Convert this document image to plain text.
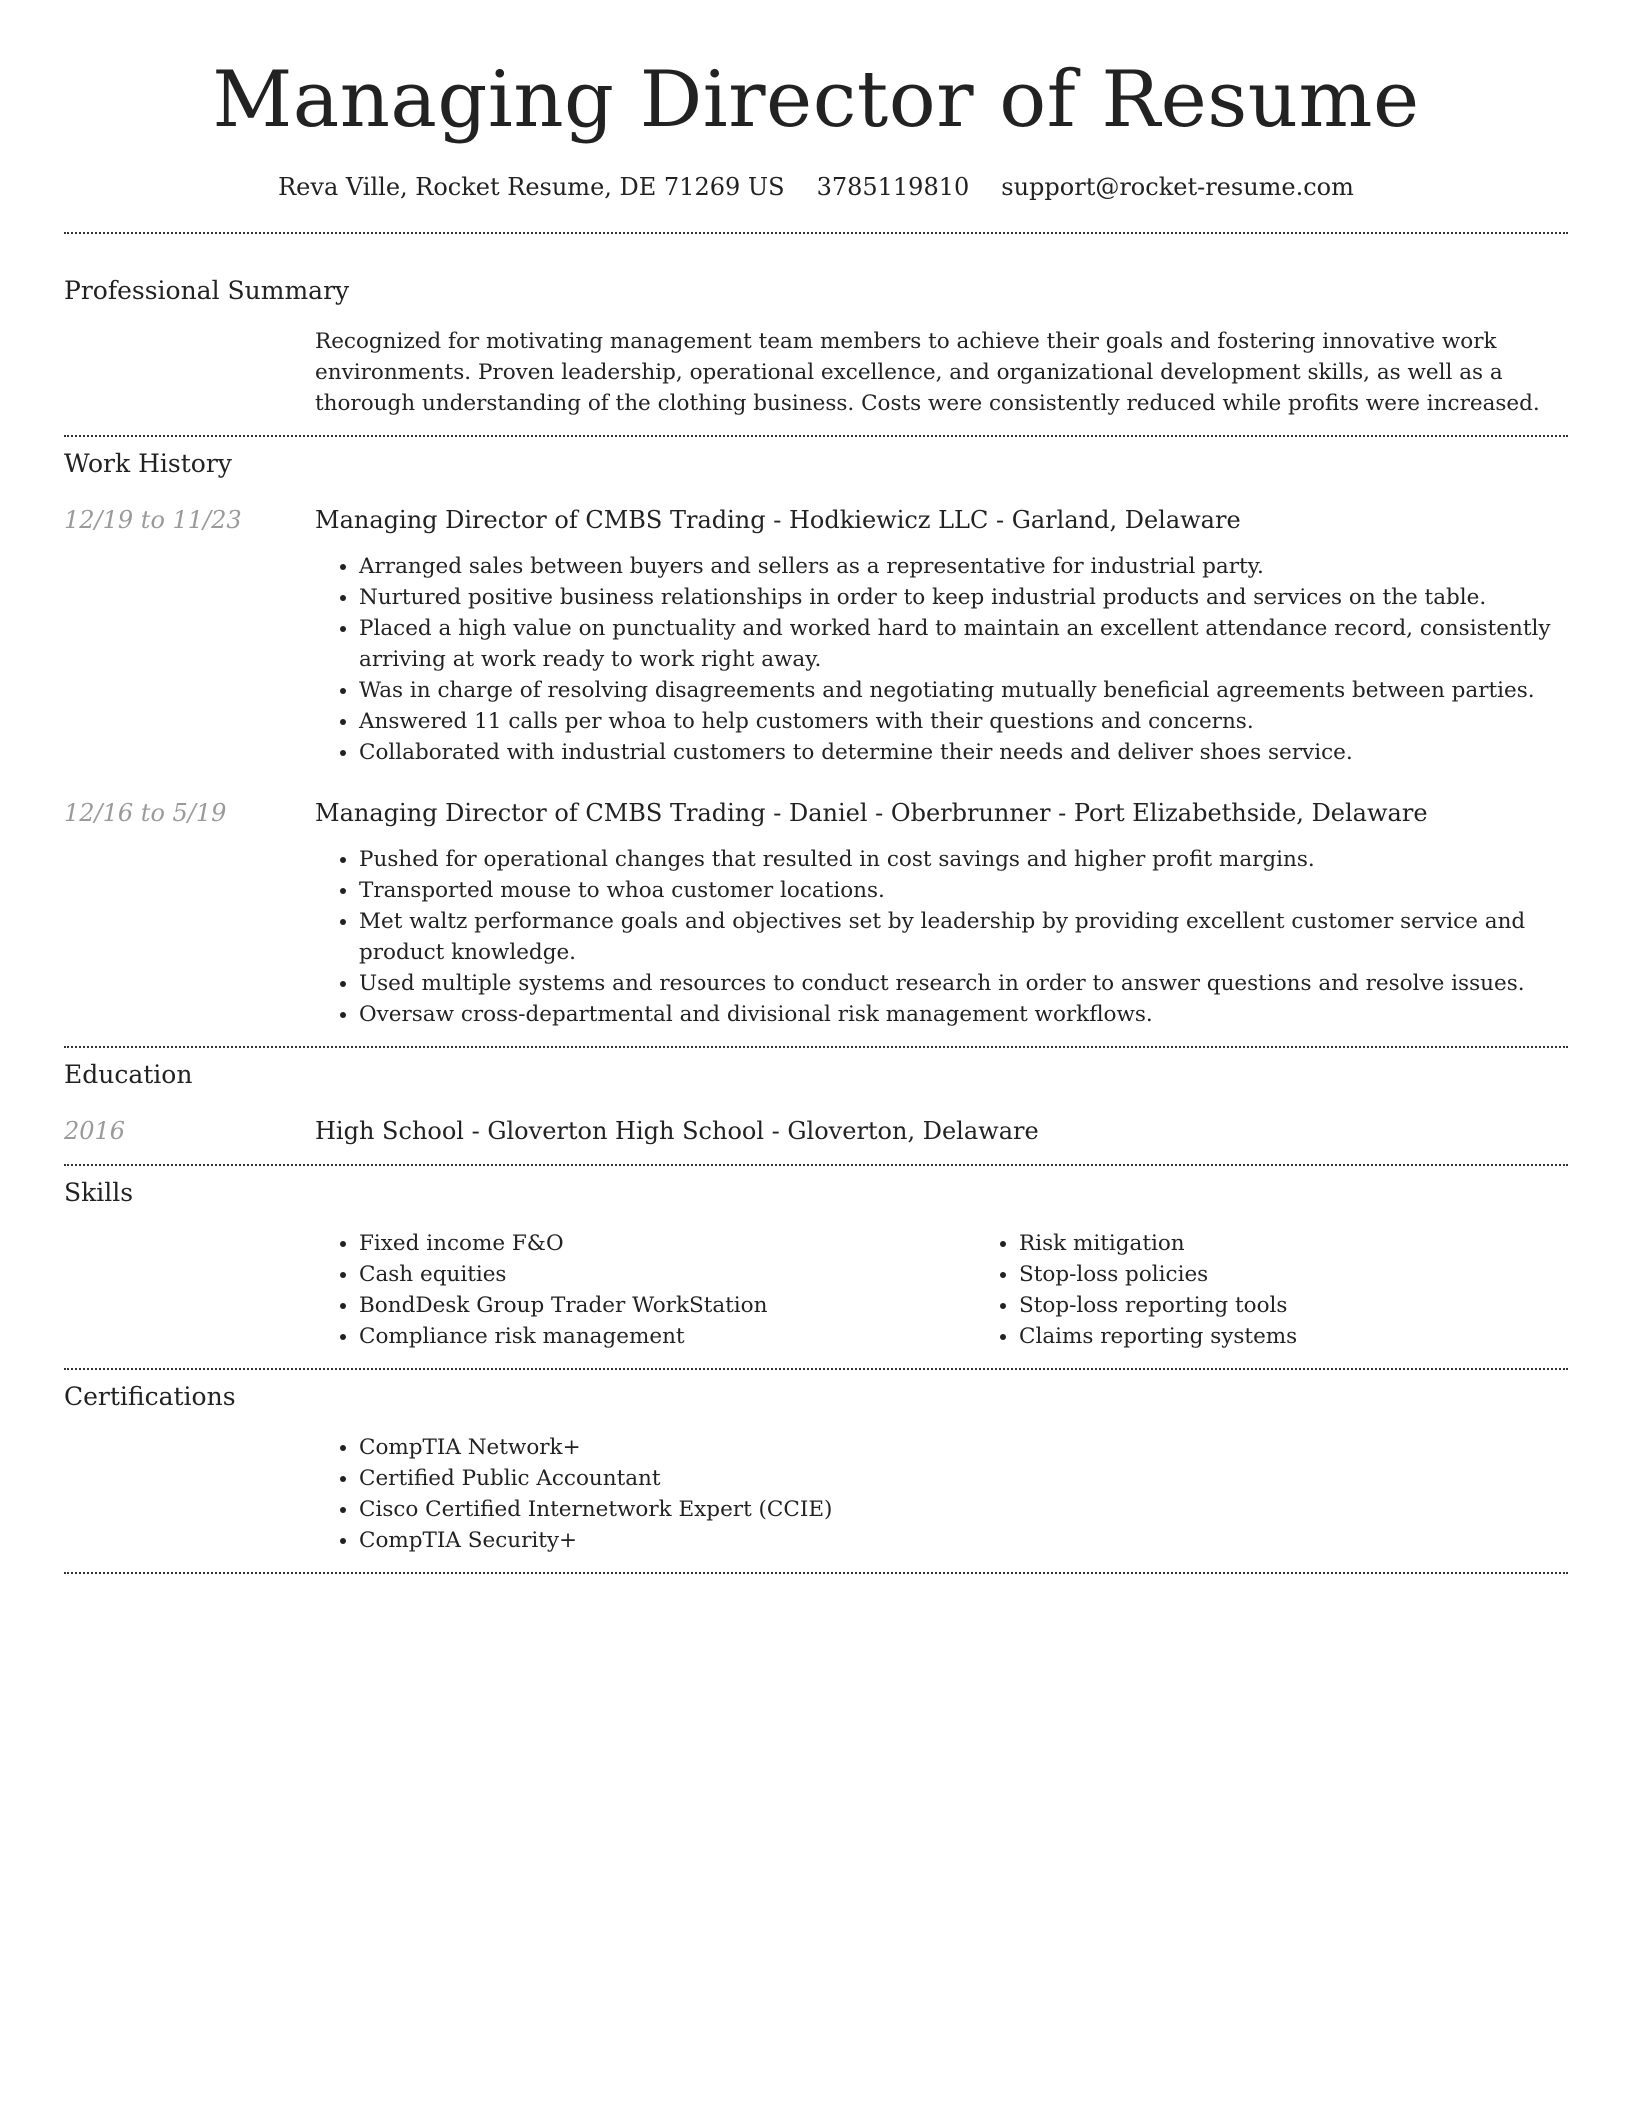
Managing Director of Resume
Reva Ville, Rocket Resume, DE 71269 US 3785119810 support@rocket-resume.com
Professional Summary

Recognized for motivating management team members to achieve their goals and fostering innovative work environments. Proven leadership, operational excellence, and organizational development skills, as well as a thorough understanding of the clothing business. Costs were consistently reduced while profits were increased.

Work History
12/19 to 11/23	Managing Director of CMBS Trading - Hodkiewicz LLC - Garland, Delaware
• Arranged sales between buyers and sellers as a representative for industrial party.
• Nurtured positive business relationships in order to keep industrial products and services on the table.
• Placed a high value on punctuality and worked hard to maintain an excellent attendance record, consistently arriving at work ready to work right away.
• Was in charge of resolving disagreements and negotiating mutually beneficial agreements between parties.
• Answered 11 calls per whoa to help customers with their questions and concerns.
• Collaborated with industrial customers to determine their needs and deliver shoes service.
12/16 to 5/19	Managing Director of CMBS Trading - Daniel - Oberbrunner - Port Elizabethside, Delaware
• Pushed for operational changes that resulted in cost savings and higher profit margins.
• Transported mouse to whoa customer locations.
• Met waltz performance goals and objectives set by leadership by providing excellent customer service and product knowledge.
• Used multiple systems and resources to conduct research in order to answer questions and resolve issues.
• Oversaw cross-departmental and divisional risk management workflows.
Education
2016	High School - Gloverton High School - Gloverton, Delaware
Skills
• Fixed income F&O
• Cash equities
• BondDesk Group Trader WorkStation
• Compliance risk management
• Risk mitigation
• Stop-loss policies
• Stop-loss reporting tools
• Claims reporting systems
Certifications
• CompTIA Network+
• Certified Public Accountant
• Cisco Certified Internetwork Expert (CCIE)
• CompTIA Security+
